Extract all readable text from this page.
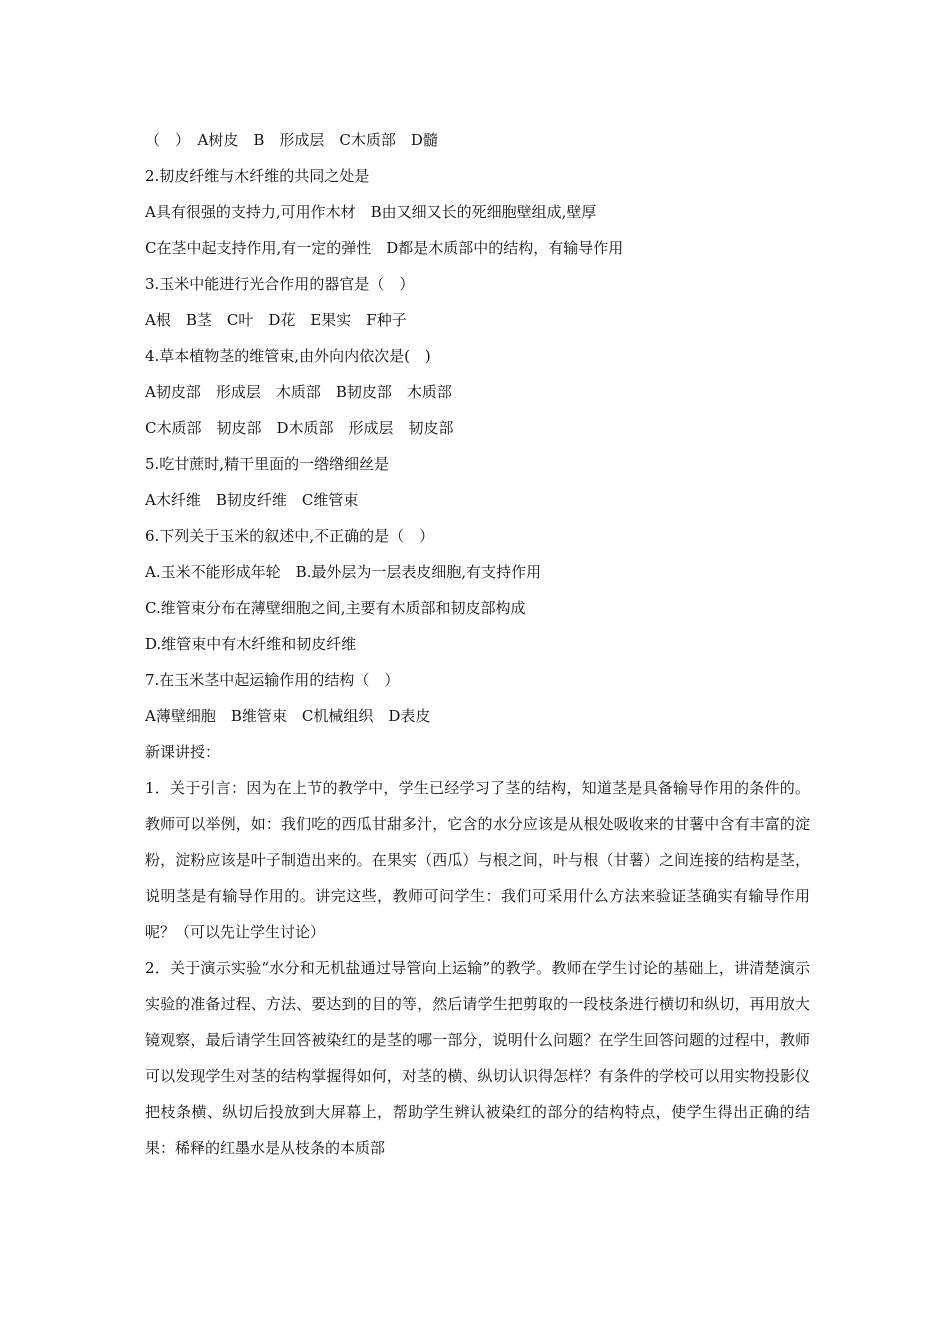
（　）　A树皮　B　形成层　C木质部　D髓
2.韧皮纤维与木纤维的共同之处是
A具有很强的支持力,可用作木材　B由又细又长的死细胞壁组成,壁厚
C在茎中起支持作用,有一定的弹性　D都是木质部中的结构，有输导作用
3.玉米中能进行光合作用的器官是（　）
A根　B茎　C叶　D花　E果实　F种子
4.草本植物茎的维管束,由外向内依次是(　)
A韧皮部　形成层　木质部　B韧皮部　木质部
C木质部　韧皮部　D木质部　形成层　韧皮部
5.吃甘蔗时,精干里面的一绺绺细丝是
A木纤维　B韧皮纤维　C维管束
6.下列关于玉米的叙述中,不正确的是（　）
A.玉米不能形成年轮　B.最外层为一层表皮细胞,有支持作用
C.维管束分布在薄壁细胞之间,主要有木质部和韧皮部构成
D.维管束中有木纤维和韧皮纤维
7.在玉米茎中起运输作用的结构（　）
A薄壁细胞　B维管束　C机械组织　D表皮
新课讲授：
1．关于引言：因为在上节的教学中，学生已经学习了茎的结构，知道茎是具备输导作用的条件的。教师可以举例，如：我们吃的西瓜甘甜多汁，它含的水分应该是从根处吸收来的甘薯中含有丰富的淀粉，淀粉应该是叶子制造出来的。在果实（西瓜）与根之间，叶与根（甘薯）之间连接的结构是茎，说明茎是有输导作用的。讲完这些，教师可问学生：我们可采用什么方法来验证茎确实有输导作用呢？（可以先让学生讨论）
2．关于演示实验“水分和无机盐通过导管向上运输”的教学。教师在学生讨论的基础上，讲清楚演示实验的准备过程、方法、要达到的目的等，然后请学生把剪取的一段枝条进行横切和纵切，再用放大镜观察，最后请学生回答被染红的是茎的哪一部分，说明什么问题？在学生回答问题的过程中，教师可以发现学生对茎的结构掌握得如何，对茎的横、纵切认识得怎样？有条件的学校可以用实物投影仪把枝条横、纵切后投放到大屏幕上，帮助学生辨认被染红的部分的结构特点，使学生得出正确的结果：稀释的红墨水是从枝条的本质部
